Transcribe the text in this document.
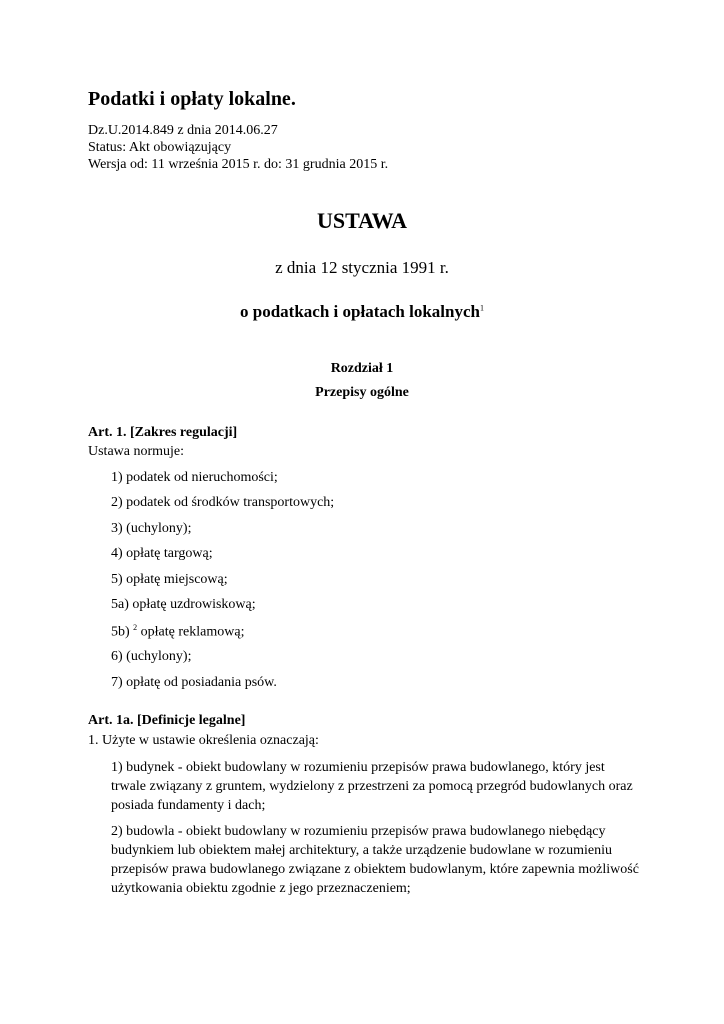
Podatki i opłaty lokalne.
Dz.U.2014.849 z dnia 2014.06.27
Status: Akt obowiązujący
Wersja od: 11 września 2015 r. do: 31 grudnia 2015 r.
USTAWA
z dnia 12 stycznia 1991 r.
o podatkach i opłatach lokalnych$^1$
Rozdział 1
Przepisy ogólne
Art. 1. [Zakres regulacji]
Ustawa normuje:
1) podatek od nieruchomości;
2) podatek od środków transportowych;
3) (uchylony);
4) opłatę targową;
5) opłatę miejscową;
5a) opłatę uzdrowiskową;
5b) $^2$ opłatę reklamową;
6) (uchylony);
7) opłatę od posiadania psów.
Art. 1a. [Definicje legalne]
1. Użyte w ustawie określenia oznaczają:
1) budynek - obiekt budowlany w rozumieniu przepisów prawa budowlanego, który jest trwale związany z gruntem, wydzielony z przestrzeni za pomocą przegród budowlanych oraz posiada fundamenty i dach;
2) budowla - obiekt budowlany w rozumieniu przepisów prawa budowlanego niebędący budynkiem lub obiektem małej architektury, a także urządzenie budowlane w rozumieniu przepisów prawa budowlanego związane z obiektem budowlanym, które zapewnia możliwość użytkowania obiektu zgodnie z jego przeznaczeniem;
